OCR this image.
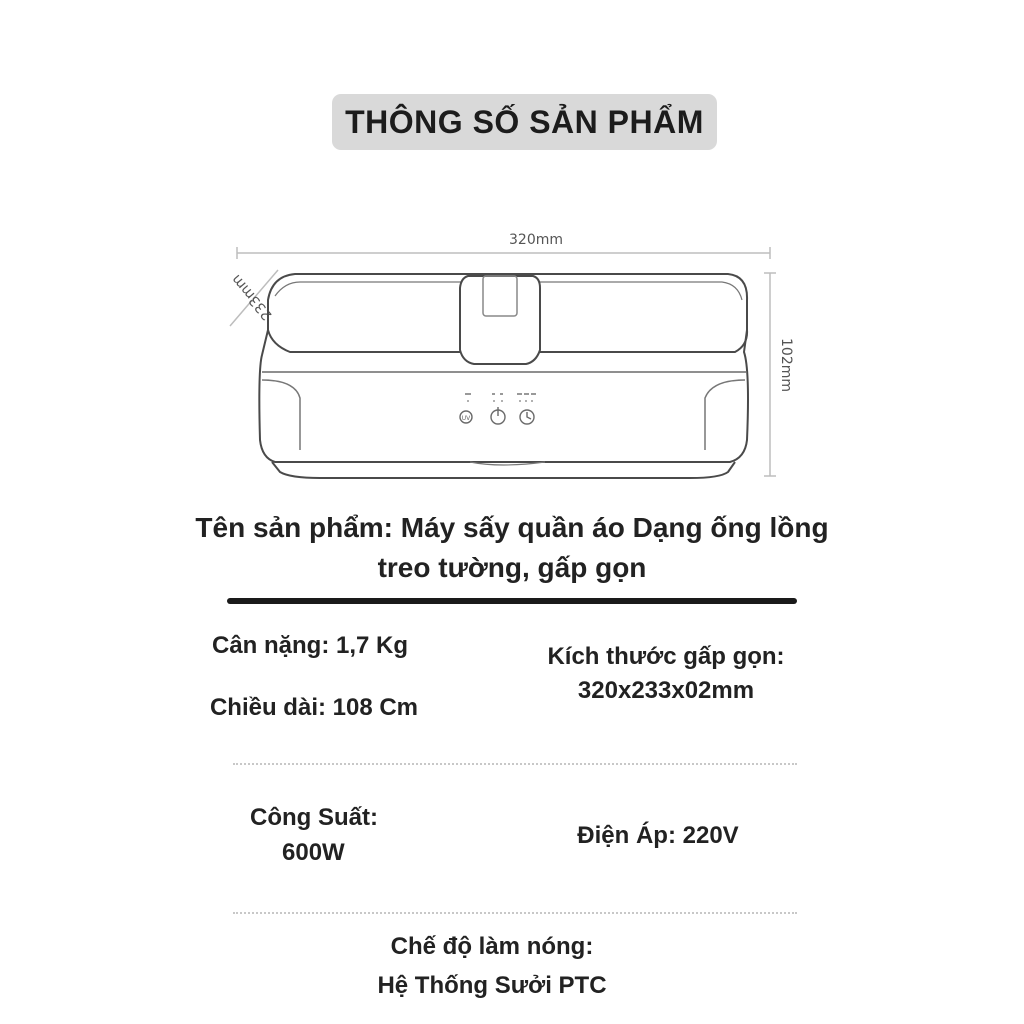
THÔNG SỐ SẢN PHẨM
320mm
233mm
102mm
UV
Tên sản phẩm: Máy sấy quần áo Dạng ống lồng treo tường, gấp gọn
Cân nặng: 1,7 Kg
Chiều dài: 108 Cm
Kích thước gấp gọn:
320x233x02mm
Công Suất:
600W
Điện Áp: 220V
Chế độ làm nóng:
Hệ Thống Sưởi PTC
